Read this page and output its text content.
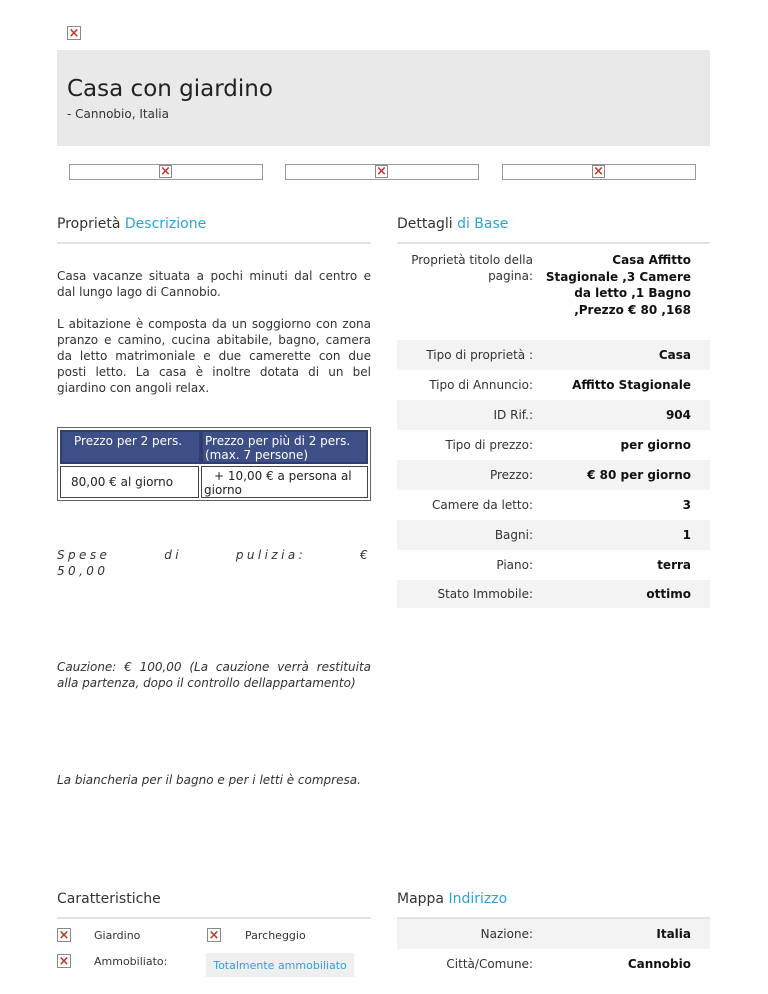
×
Casa con giardino
- Cannobio, Italia
×
×
×
Proprietà Descrizione
Casa vacanze situata a pochi minuti dal centro e dal lungo lago di Cannobio.
L abitazione è composta da un soggiorno con zona pranzo e camino, cucina abitabile, bagno, camera da letto matrimoniale e due camerette con due posti letto. La casa è inoltre dotata di un bel giardino con angoli relax.
Prezzo per 2 pers.	Prezzo per più di 2 pers. (max. 7 persone)
80,00 € al giorno	+ 10,00 € a persona al giorno
Spese di pulizia: € 50,00
Cauzione: € 100,00 (La cauzione verrà restituita alla partenza, dopo il controllo dellappartamento)
La biancheria per il bagno e per i letti è compresa.
Dettagli di Base
Proprietà titolo della pagina:
Casa Affitto Stagionale ,3 Camere da letto ,1 Bagno ,Prezzo € 80 ,168
Tipo di proprietà :	Casa
Tipo di Annuncio:	Affitto Stagionale
ID Rif.:	904
Tipo di prezzo:	per giorno
Prezzo:	€ 80 per giorno
Camere da letto:	3
Bagni:	1
Piano:	terra
Stato Immobile:	ottimo
Caratteristiche
×
Giardino ×	Parcheggio
×
Ammobiliato:	Totalmente ammobiliato
Mappa Indirizzo
Nazione:	Italia
Città/Comune:	Cannobio
